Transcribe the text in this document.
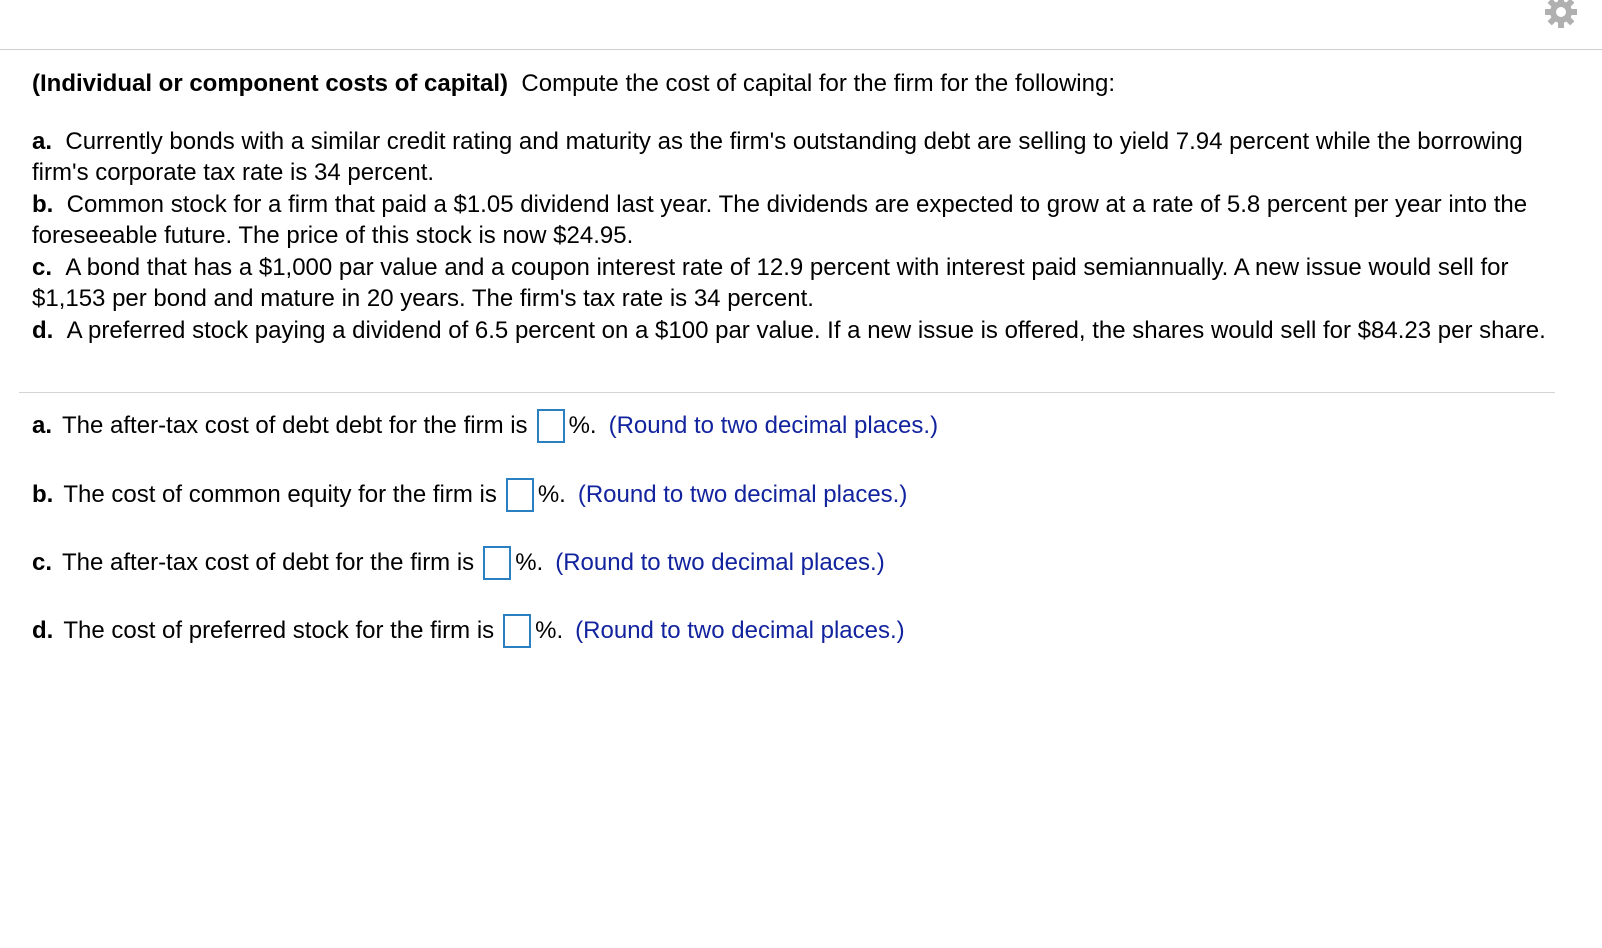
(Individual or component costs of capital) Compute the cost of capital for the firm for the following:

a. Currently bonds with a similar credit rating and maturity as the firm's outstanding debt are selling to yield 7.94 percent while the borrowing firm's corporate tax rate is 34 percent.

b. Common stock for a firm that paid a $1.05 dividend last year. The dividends are expected to grow at a rate of 5.8 percent per year into the foreseeable future. The price of this stock is now $24.95.

c. A bond that has a $1,000 par value and a coupon interest rate of 12.9 percent with interest paid semiannually. A new issue would sell for $1,153 per bond and mature in 20 years. The firm's tax rate is 34 percent.

d. A preferred stock paying a dividend of 6.5 percent on a $100 par value. If a new issue is offered, the shares would sell for $84.23 per share.

a. The after-tax cost of debt debt for the firm is %. (Round to two decimal places.)
b. The cost of common equity for the firm is %. (Round to two decimal places.)
c. The after-tax cost of debt for the firm is %. (Round to two decimal places.)
d. The cost of preferred stock for the firm is %. (Round to two decimal places.)
